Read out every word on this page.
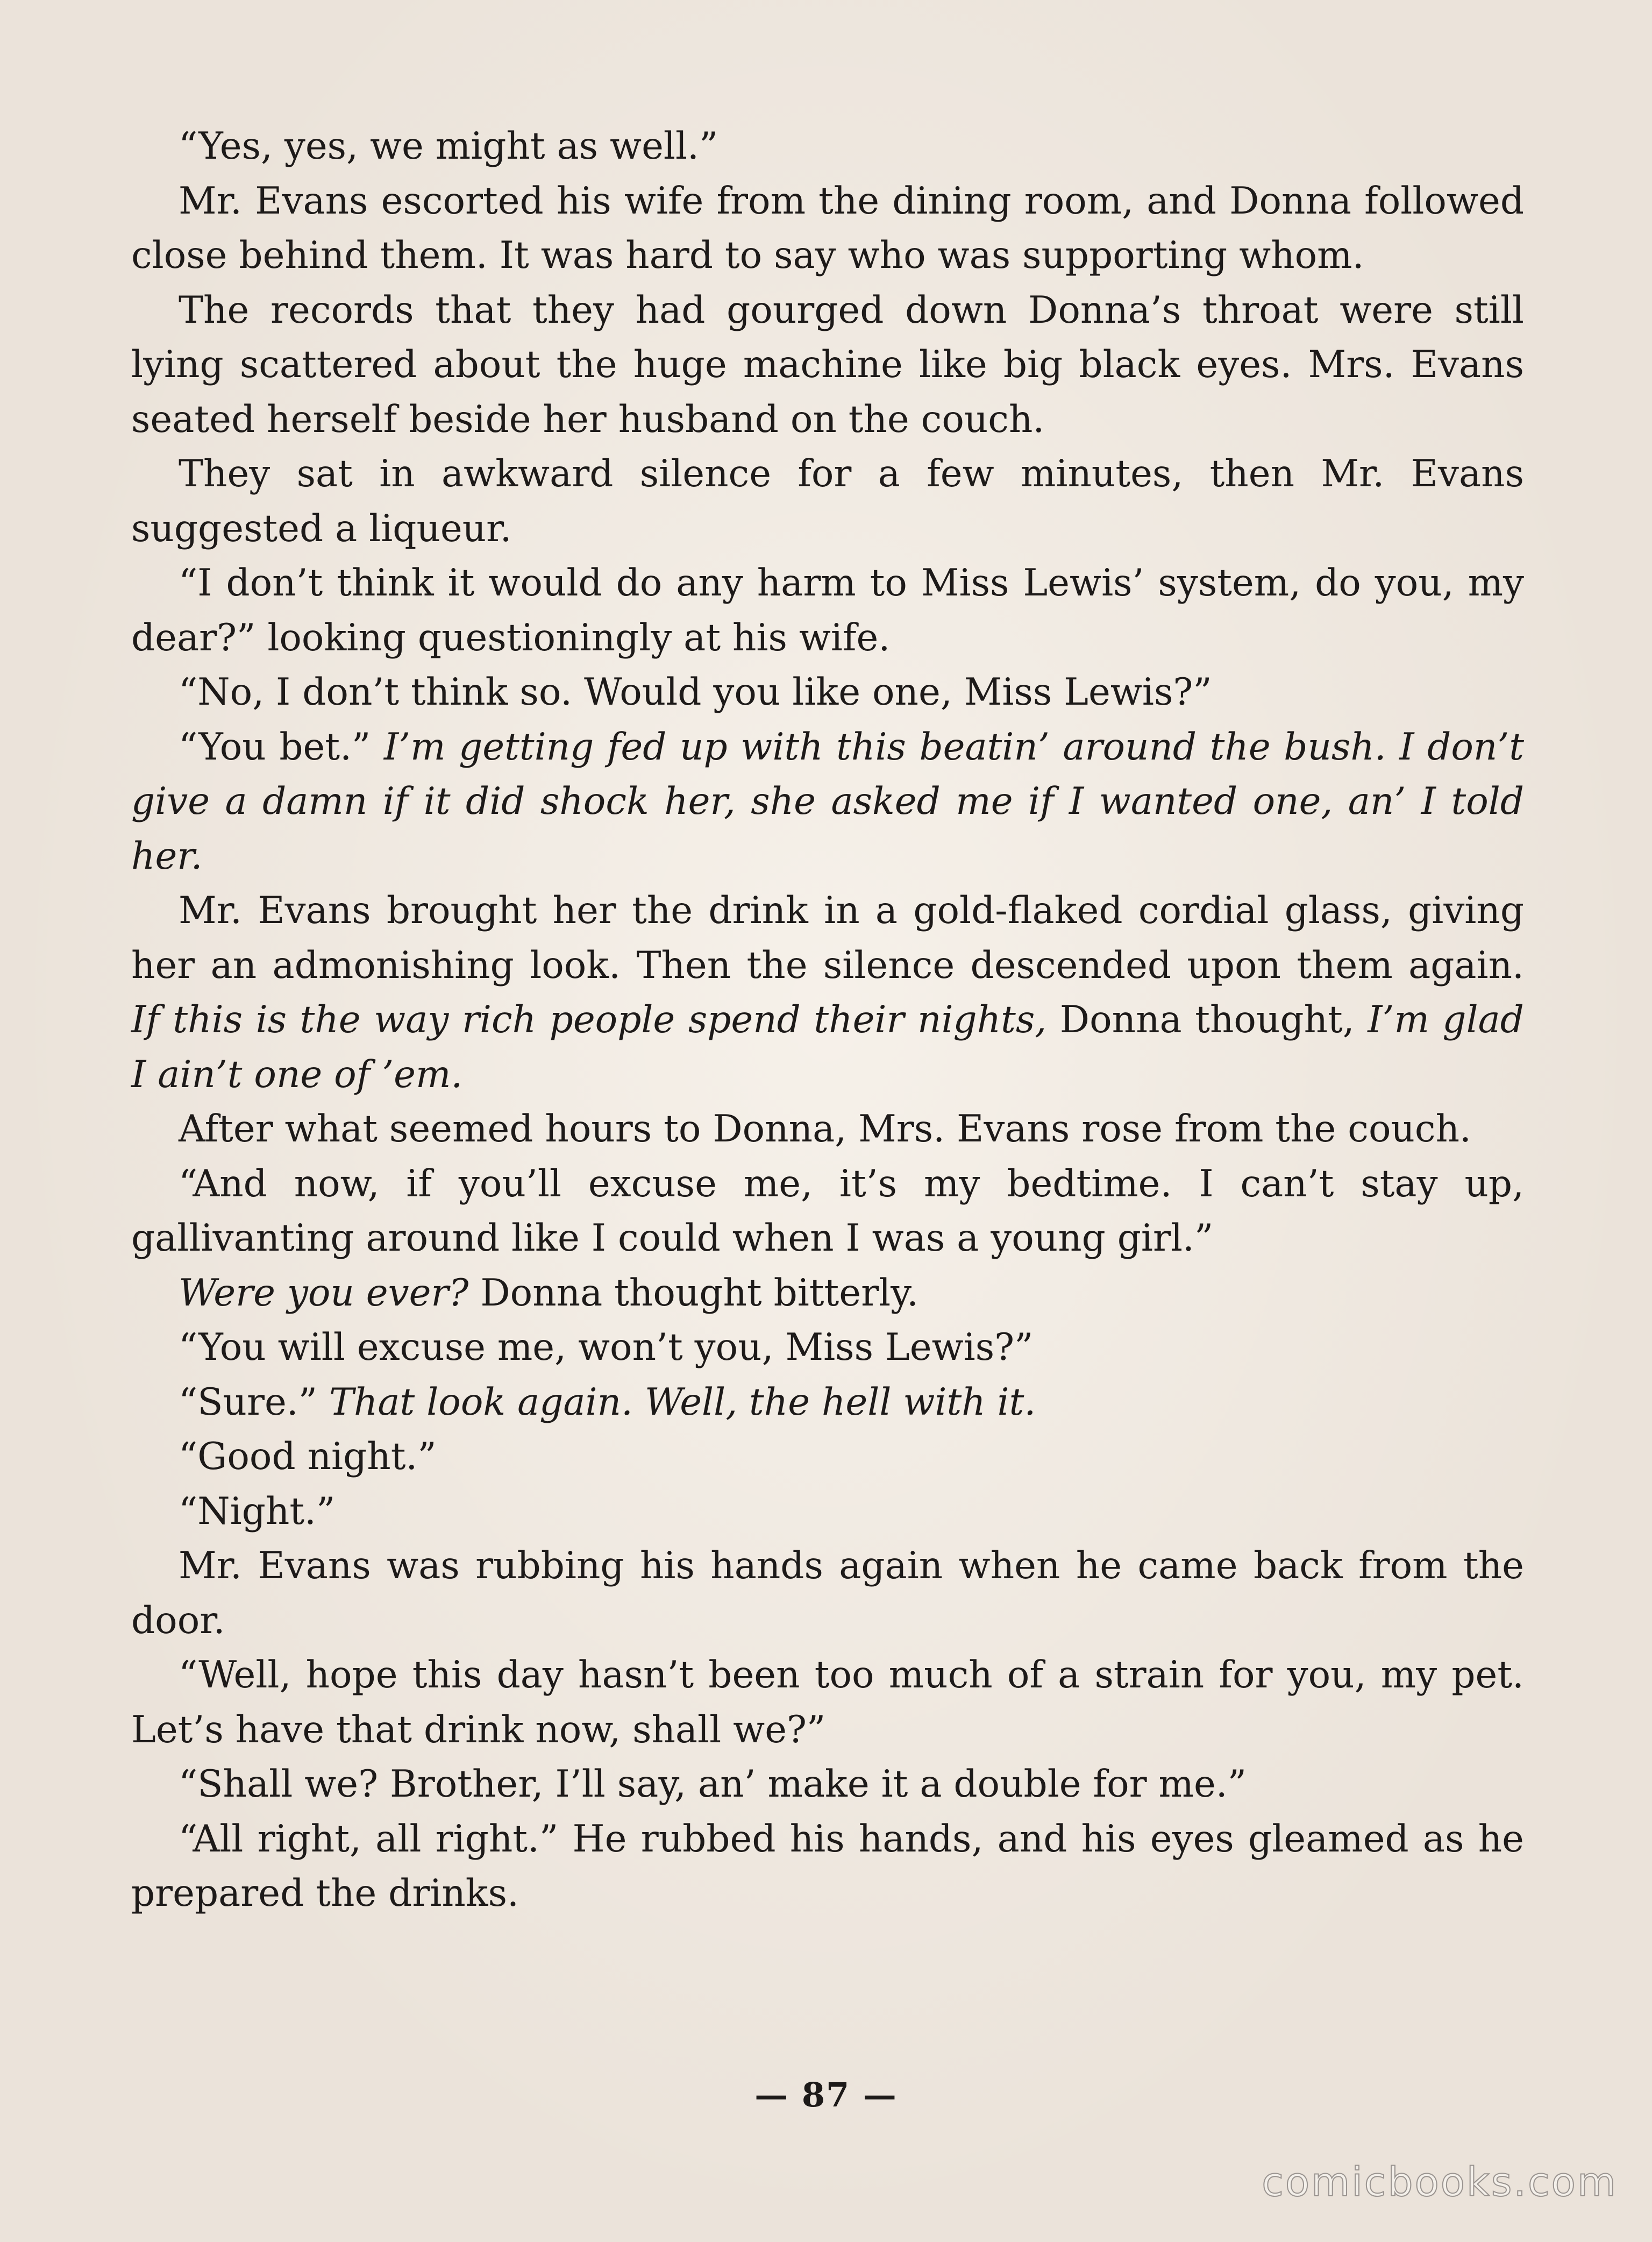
“Yes, yes, we might as well.”

Mr. Evans escorted his wife from the dining room, and Donna followed close behind them. It was hard to say who was supporting whom.

The records that they had gourged down Donna’s throat were still lying scattered about the huge machine like big black eyes. Mrs. Evans seated herself beside her husband on the couch.

They sat in awkward silence for a few minutes, then Mr. Evans suggested a liqueur.

“I don’t think it would do any harm to Miss Lewis’ system, do you, my dear?” looking questioningly at his wife.

“No, I don’t think so. Would you like one, Miss Lewis?”

“You bet.” I’m getting fed up with this beatin’ around the bush. I don’t give a damn if it did shock her, she asked me if I wanted one, an’ I told her.

Mr. Evans brought her the drink in a gold-flaked cordial glass, giving her an admonishing look. Then the silence descended upon them again. If this is the way rich people spend their nights, Donna thought, I’m glad I ain’t one of ’em.

After what seemed hours to Donna, Mrs. Evans rose from the couch.

“And now, if you’ll excuse me, it’s my bedtime. I can’t stay up, gallivanting around like I could when I was a young girl.”

Were you ever? Donna thought bitterly.

“You will excuse me, won’t you, Miss Lewis?”

“Sure.” That look again. Well, the hell with it.

“Good night.”

“Night.”

Mr. Evans was rubbing his hands again when he came back from the door.

“Well, hope this day hasn’t been too much of a strain for you, my pet. Let’s have that drink now, shall we?”

“Shall we? Brother, I’ll say, an’ make it a double for me.”

“All right, all right.” He rubbed his hands, and his eyes gleamed as he prepared the drinks.

— 87 —
comicbooks.com
